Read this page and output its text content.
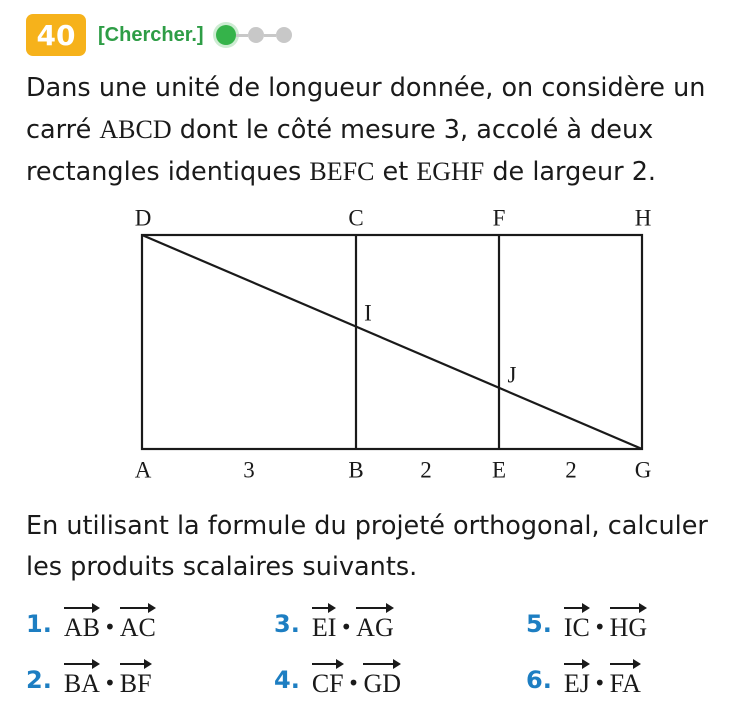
40	[Chercher.]

Dans une unité de longueur donnée, on considère un carré ABCD dont le côté mesure 3, accolé à deux rectangles identiques BEFC et EGHF de largeur 2.

D	C	F	H
I
J
A	3	B 2	E	2	G

En utilisant la formule du projeté orthogonal, calculer les produits scalaires suivants.

1. AB • AC
2. BA • BF
3. EI • AG
4. CF • GD
5. IC • HG
6. EJ • FA
